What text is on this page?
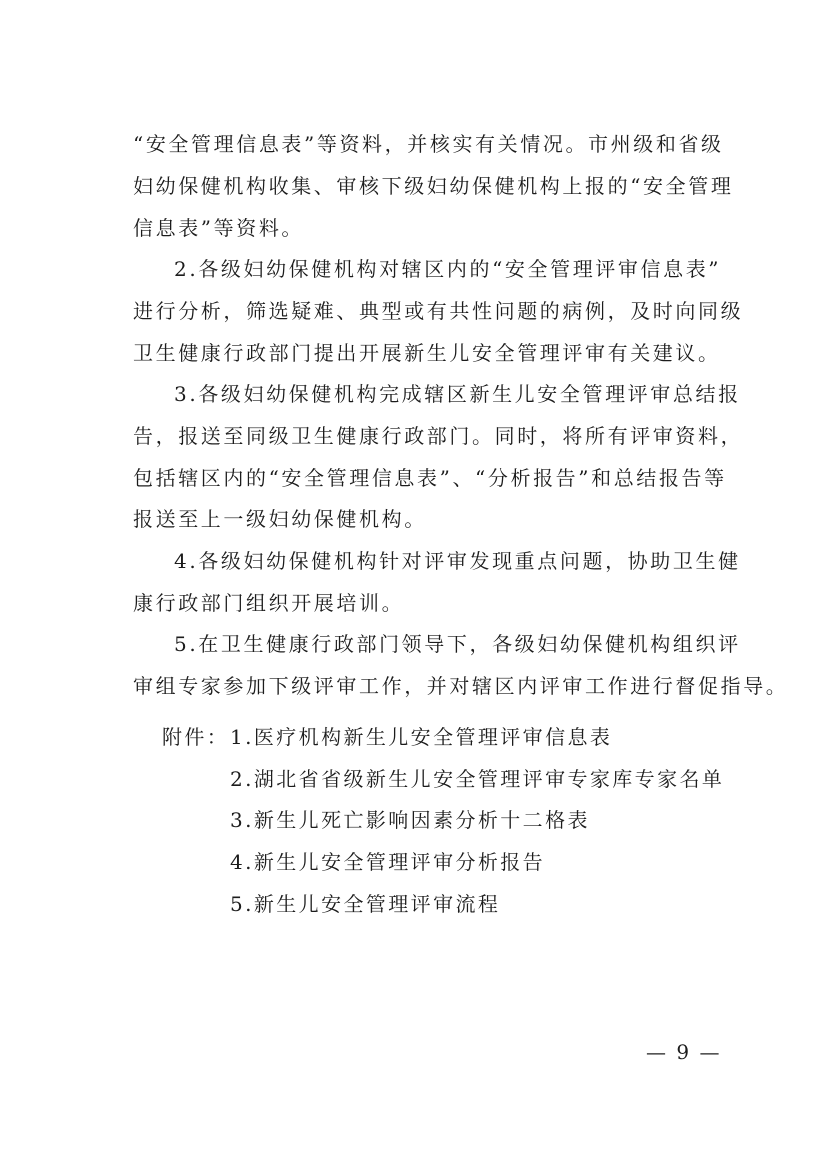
“安全管理信息表”等资料，并核实有关情况。市州级和省级
妇幼保健机构收集、审核下级妇幼保健机构上报的“安全管理
信息表”等资料。
2.各级妇幼保健机构对辖区内的“安全管理评审信息表”
进行分析，筛选疑难、典型或有共性问题的病例，及时向同级
卫生健康行政部门提出开展新生儿安全管理评审有关建议。
3.各级妇幼保健机构完成辖区新生儿安全管理评审总结报
告，报送至同级卫生健康行政部门。同时，将所有评审资料，
包括辖区内的“安全管理信息表”、“分析报告”和总结报告等
报送至上一级妇幼保健机构。
4.各级妇幼保健机构针对评审发现重点问题，协助卫生健
康行政部门组织开展培训。
5.在卫生健康行政部门领导下，各级妇幼保健机构组织评
审组专家参加下级评审工作，并对辖区内评审工作进行督促指导。
附件： 1.医疗机构新生儿安全管理评审信息表
2.湖北省省级新生儿安全管理评审专家库专家名单
3.新生儿死亡影响因素分析十二格表
4.新生儿安全管理评审分析报告
5.新生儿安全管理评审流程
— 9 —
